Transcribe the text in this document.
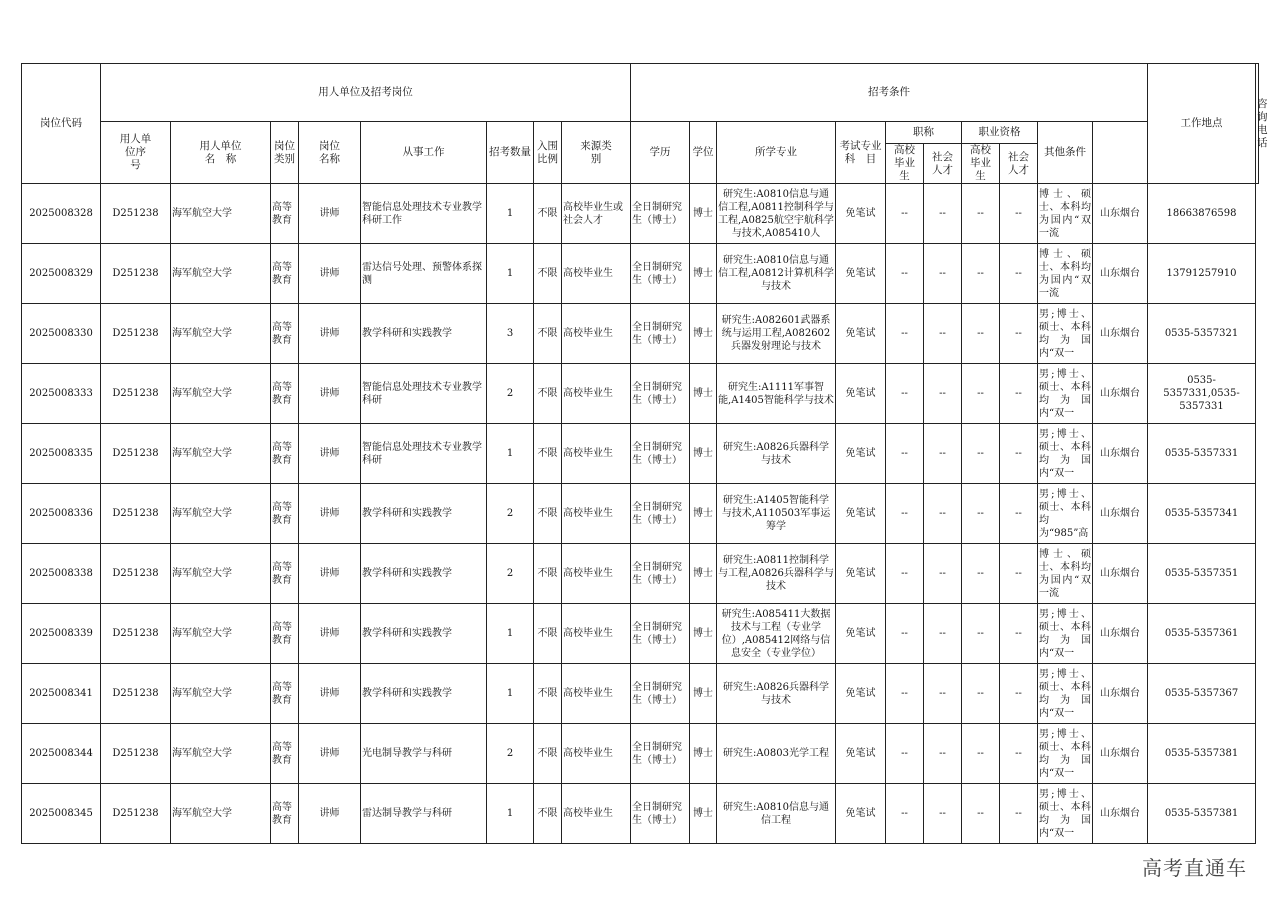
岗位代码	用人单位及招考岗位								招考条件										工作地点	咨询电话
	用人单位序　号	用人单位名　称	岗位类别	岗位名称	从事工作	招考数量	入围比例	来源类别	学历	学位	所学专业	考试专业科　目	职称		职业资格		其他条件			
													高校毕业生	社会人才	高校毕业生	社会人才				
2025008328	D251238	海军航空大学	高等教育	讲师	智能信息处理技术专业教学科研工作	1	不限	高校毕业生或社会人才	全日制研究生（博士）	博士	研究生:A0810信息与通信工程,A0811控制科学与工程,A0825航空宇航科学与技术,A085410人	免笔试	--	--	--	--	博士、硕士、本科均为国内“双一流	山东烟台	18663876598	
2025008329	D251238	海军航空大学	高等教育	讲师	雷达信号处理、预警体系探测	1	不限	高校毕业生	全日制研究生（博士）	博士	研究生:A0810信息与通信工程,A0812计算机科学与技术	免笔试	--	--	--	--	博士、硕士、本科均为国内“双一流	山东烟台	13791257910	
2025008330	D251238	海军航空大学	高等教育	讲师	教学科研和实践教学	3	不限	高校毕业生	全日制研究生（博士）	博士	研究生:A082601武器系统与运用工程,A082602兵器发射理论与技术	免笔试	--	--	--	--	男;博士、硕士、本科均为国内“双一	山东烟台	0535-5357321	
2025008333	D251238	海军航空大学	高等教育	讲师	智能信息处理技术专业教学科研	2	不限	高校毕业生	全日制研究生（博士）	博士	研究生:A1111军事智能,A1405智能科学与技术	免笔试	--	--	--	--	男;博士、硕士、本科均为国内“双一	山东烟台	0535-5357331,0535-5357331	
2025008335	D251238	海军航空大学	高等教育	讲师	智能信息处理技术专业教学科研	1	不限	高校毕业生	全日制研究生（博士）	博士	研究生:A0826兵器科学与技术	免笔试	--	--	--	--	男;博士、硕士、本科均为国内“双一	山东烟台	0535-5357331	
2025008336	D251238	海军航空大学	高等教育	讲师	教学科研和实践教学	2	不限	高校毕业生	全日制研究生（博士）	博士	研究生:A1405智能科学与技术,A110503军事运筹学	免笔试	--	--	--	--	男;博士、硕士、本科均为“985”高	山东烟台	0535-5357341	
2025008338	D251238	海军航空大学	高等教育	讲师	教学科研和实践教学	2	不限	高校毕业生	全日制研究生（博士）	博士	研究生:A0811控制科学与工程,A0826兵器科学与技术	免笔试	--	--	--	--	博士、硕士、本科均为国内“双一流	山东烟台	0535-5357351	
2025008339	D251238	海军航空大学	高等教育	讲师	教学科研和实践教学	1	不限	高校毕业生	全日制研究生（博士）	博士	研究生:A085411大数据技术与工程（专业学位）,A085412网络与信息安全（专业学位）	免笔试	--	--	--	--	男;博士、硕士、本科均为国内“双一	山东烟台	0535-5357361	
2025008341	D251238	海军航空大学	高等教育	讲师	教学科研和实践教学	1	不限	高校毕业生	全日制研究生（博士）	博士	研究生:A0826兵器科学与技术	免笔试	--	--	--	--	男;博士、硕士、本科均为国内“双一	山东烟台	0535-5357367	
2025008344	D251238	海军航空大学	高等教育	讲师	光电制导教学与科研	2	不限	高校毕业生	全日制研究生（博士）	博士	研究生:A0803光学工程	免笔试	--	--	--	--	男;博士、硕士、本科均为国内“双一	山东烟台	0535-5357381	
2025008345	D251238	海军航空大学	高等教育	讲师	雷达制导教学与科研	1	不限	高校毕业生	全日制研究生（博士）	博士	研究生:A0810信息与通信工程	免笔试	--	--	--	--	男;博士、硕士、本科均为国内“双一	山东烟台	0535-5357381	
高考直通车
